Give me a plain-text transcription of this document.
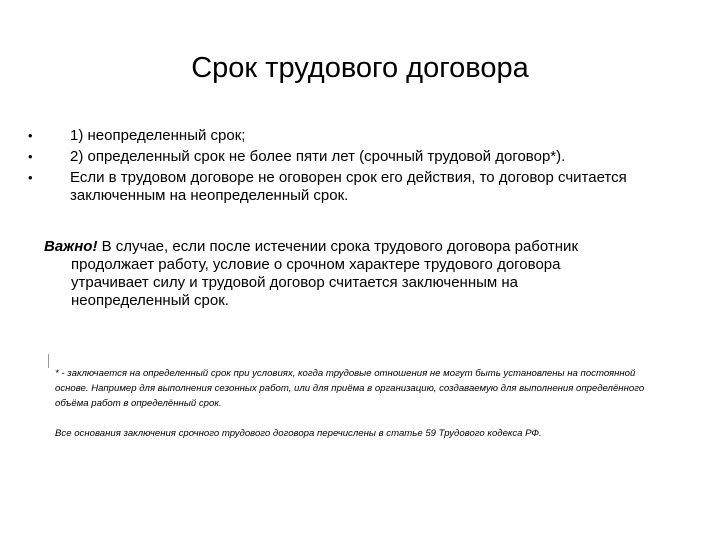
Срок трудового договора
•	1) неопределенный срок;
•	2) определенный срок не более пяти лет (срочный трудовой договор*).
•	Если в трудовом договоре не оговорен срок его действия, то договор считается заключенным на неопределенный срок.
Важно! В случае, если после истечении срока трудового договора работник
продолжает работу, условие о срочном характере трудового договора
утрачивает силу и трудовой договор считается заключенным на
неопределенный срок.
* - заключается на определенный срок при условиях, когда трудовые отношения не могут быть установлены на постоянной основе. Например для выполнения сезонных работ, или для приёма в организацию, создаваемую для выполнения определённого объёма работ в определённый срок.
Все основания заключения срочного трудового договора перечислены в статье 59 Трудового кодекса РФ.
